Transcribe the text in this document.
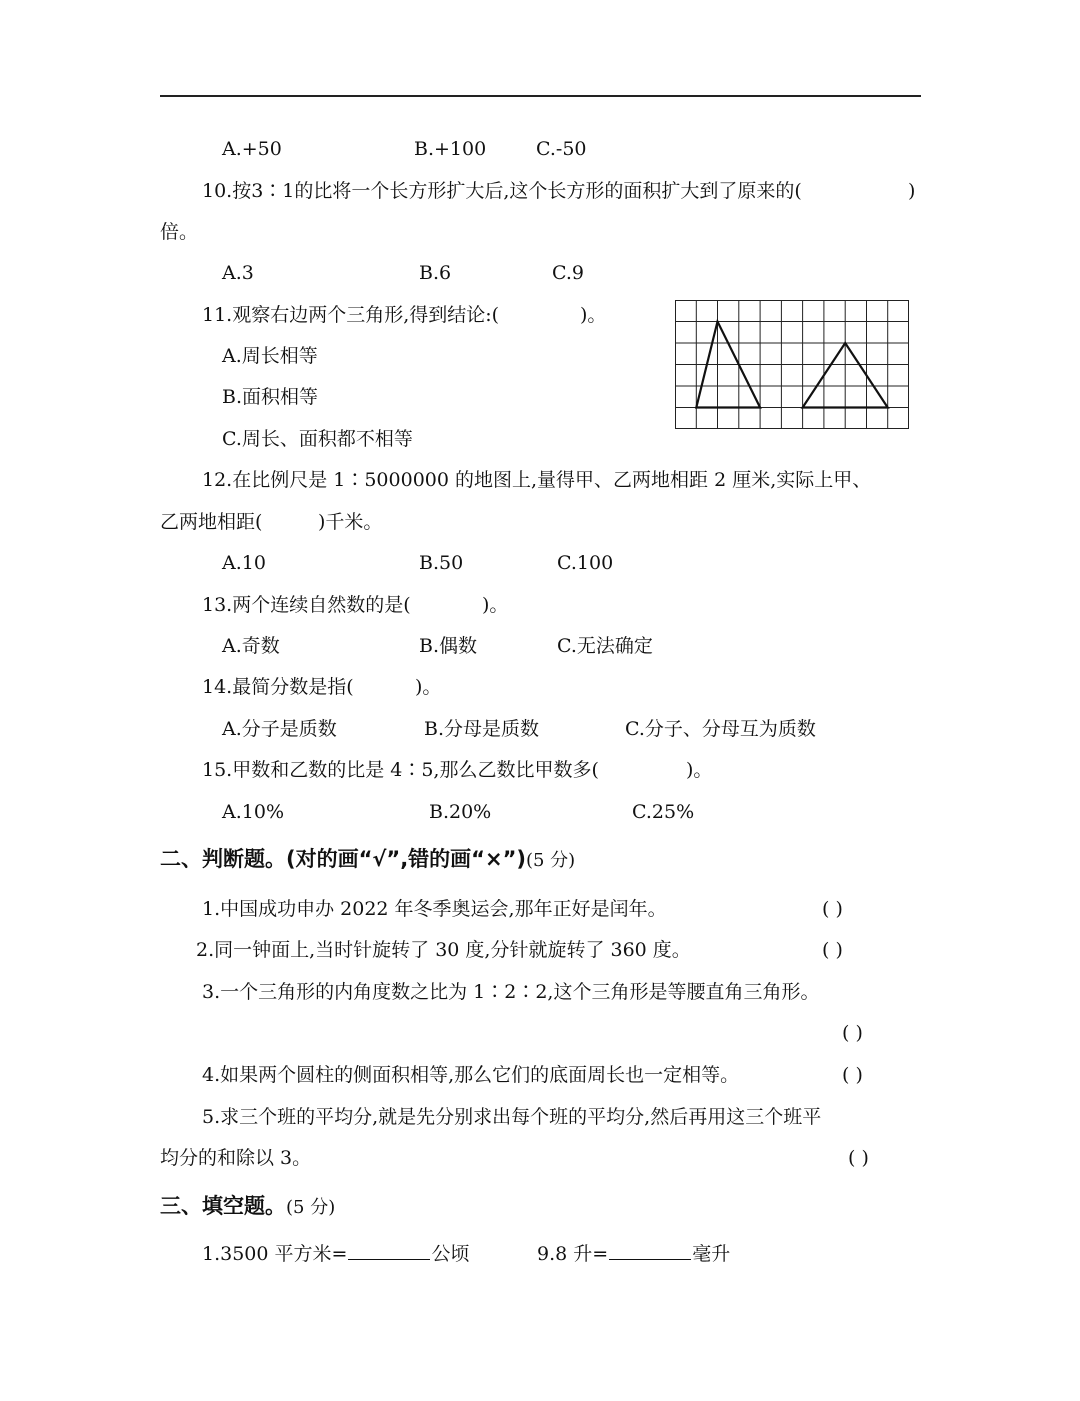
A.+50	B.+100	C.-50
10.按3∶1的比将一个长方形扩大后,这个长方形的面积扩大到了原来的(	)
倍。
A.3	B.6	C.9
11.观察右边两个三角形,得到结论:(	)。
A.周长相等
B.面积相等
C.周长、面积都不相等
12.在比例尺是 1∶5000000 的地图上,量得甲、乙两地相距 2 厘米,实际上甲、
乙两地相距(	)千米。
A.10	B.50	C.100
13.两个连续自然数的是(	)。
A.奇数	B.偶数	C.无法确定
14.最简分数是指(	)。
A.分子是质数	B.分母是质数	C.分子、分母互为质数
15.甲数和乙数的比是 4∶5,那么乙数比甲数多(	)。
A.10%	B.20%	C.25%
二、判断题。(对的画“√”,错的画“×”)(5 分)
1.中国成功申办 2022 年冬季奥运会,那年正好是闰年。	( )
2.同一钟面上,当时针旋转了 30 度,分针就旋转了 360 度。	( )
3.一个三角形的内角度数之比为 1∶2∶2,这个三角形是等腰直角三角形。
( )
4.如果两个圆柱的侧面积相等,那么它们的底面周长也一定相等。	( )
5.求三个班的平均分,就是先分别求出每个班的平均分,然后再用这三个班平
均分的和除以 3。	( )
三、填空题。(5 分)
1.3500 平方米=	公顷	9.8 升=	毫升
